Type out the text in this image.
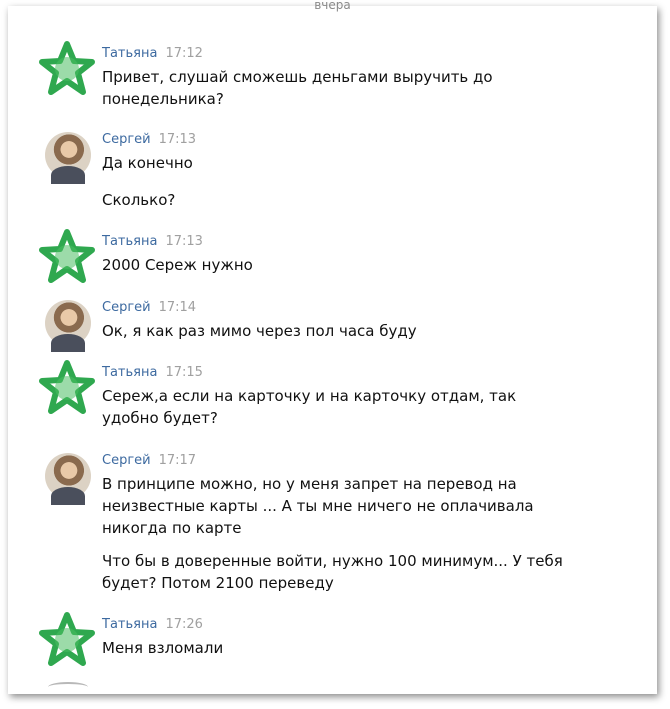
вчера
Татьяна 17:12
Привет, слушай сможешь деньгами выручить до понедельника?
Сергей 17:13
Да конечно
Сколько?
Татьяна 17:13
2000 Сереж нужно
Сергей 17:14
Ок, я как раз мимо через пол часа буду
Татьяна 17:15
Сереж,а если на карточку и на карточку отдам, так удобно будет?
Сергей 17:17
В принципе можно, но у меня запрет на перевод на неизвестные карты ... А ты мне ничего не оплачивала никогда по карте
Что бы в доверенные войти, нужно 100 минимум... У тебя будет? Потом 2100 переведу
Татьяна 17:26
Меня взломали
